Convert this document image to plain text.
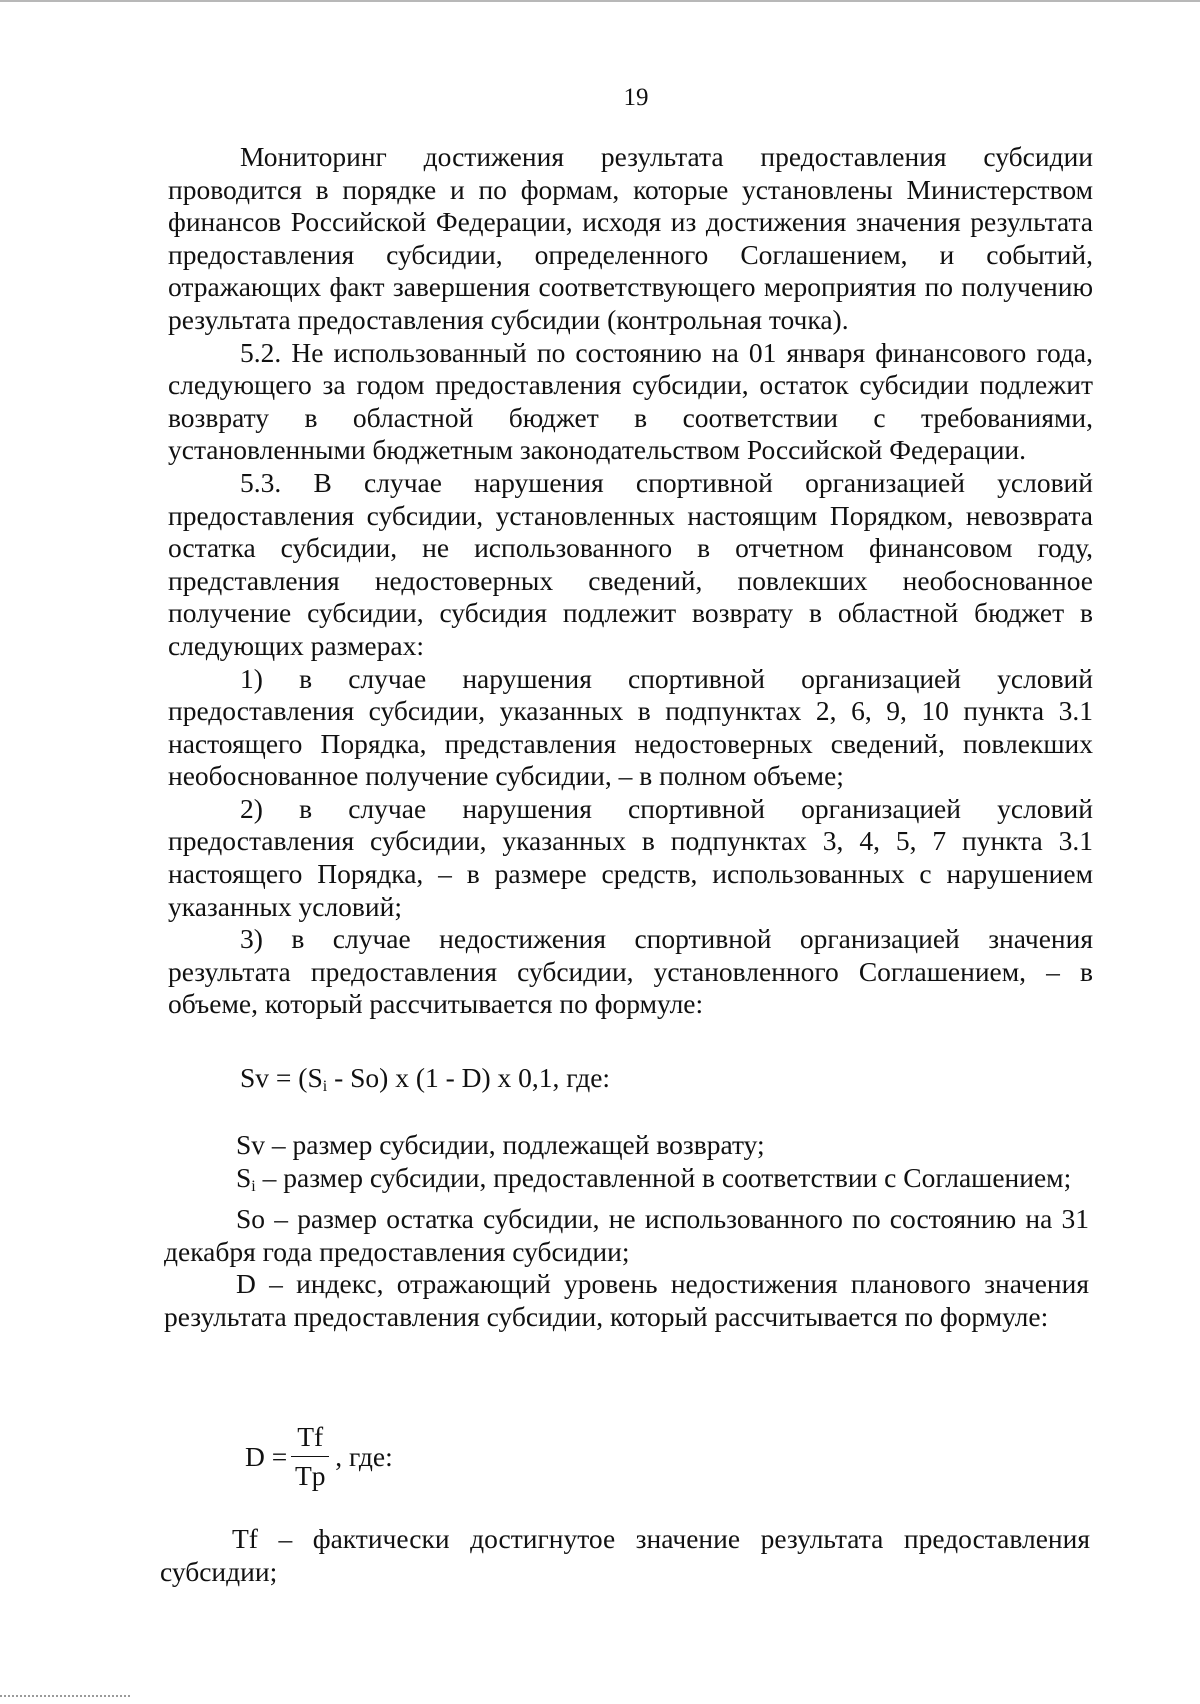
19

Мониторинг достижения результата предоставления субсидии проводится в порядке и по формам, которые установлены Министерством финансов Российской Федерации, исходя из достижения значения результата предоставления субсидии, определенного Соглашением, и событий, отражающих факт завершения соответствующего мероприятия по получению результата предоставления субсидии (контрольная точка).

5.2. Не использованный по состоянию на 01 января финансового года, следующего за годом предоставления субсидии, остаток субсидии подлежит возврату в областной бюджет в соответствии с требованиями, установленными бюджетным законодательством Российской Федерации.

5.3. В случае нарушения спортивной организацией условий предоставления субсидии, установленных настоящим Порядком, невозврата остатка субсидии, не использованного в отчетном финансовом году, представления недостоверных сведений, повлекших необоснованное получение субсидии, субсидия подлежит возврату в областной бюджет в следующих размерах:

1) в случае нарушения спортивной организацией условий предоставления субсидии, указанных в подпунктах 2, 6, 9, 10 пункта 3.1 настоящего Порядка, представления недостоверных сведений, повлекших необоснованное получение субсидии, – в полном объеме;

2) в случае нарушения спортивной организацией условий предоставления субсидии, указанных в подпунктах 3, 4, 5, 7 пункта 3.1 настоящего Порядка, – в размере средств, использованных с нарушением указанных условий;

3) в случае недостижения спортивной организацией значения результата предоставления субсидии, установленного Соглашением, – в объеме, который рассчитывается по формуле:

$Sv = (S_i - So)$ x (1 - D) x 0,1, где:

Sv – размер субсидии, подлежащей возврату;

$S_i$ – размер субсидии, предоставленной в соответствии с Соглашением;

So – размер остатка субсидии, не использованного по состоянию на 31 декабря года предоставления субсидии;

D – индекс, отражающий уровень недостижения планового значения результата предоставления субсидии, который рассчитывается по формуле:

$D = \frac{Tf}{Tp}$ , где:

Tf – фактически достигнутое значение результата предоставления субсидии;
